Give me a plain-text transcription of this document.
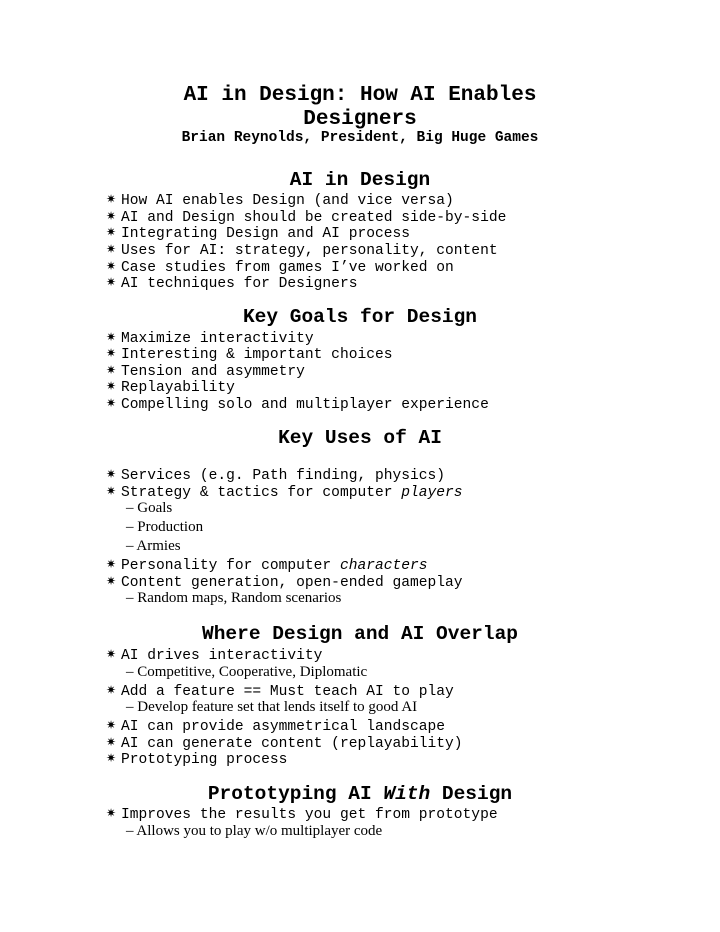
AI in Design: How AI Enables
Designers
Brian Reynolds, President, Big Huge Games
AI in Design
✷ How AI enables Design (and vice versa)
✷ AI and Design should be created side-by-side
✷ Integrating Design and AI process
✷ Uses for AI: strategy, personality, content
✷ Case studies from games I’ve worked on
✷ AI techniques for Designers
Key Goals for Design
✷ Maximize interactivity
✷ Interesting & important choices
✷ Tension and asymmetry
✷ Replayability
✷ Compelling solo and multiplayer experience
Key Uses of AI
✷ Services (e.g. Path finding, physics)
✷ Strategy & tactics for computer players
– Goals
– Production
– Armies
✷ Personality for computer characters
✷ Content generation, open-ended gameplay
– Random maps, Random scenarios
Where Design and AI Overlap
✷ AI drives interactivity
– Competitive, Cooperative, Diplomatic
✷ Add a feature == Must teach AI to play
– Develop feature set that lends itself to good AI
✷ AI can provide asymmetrical landscape
✷ AI can generate content (replayability)
✷ Prototyping process
Prototyping AI With Design
✷ Improves the results you get from prototype
– Allows you to play w/o multiplayer code
